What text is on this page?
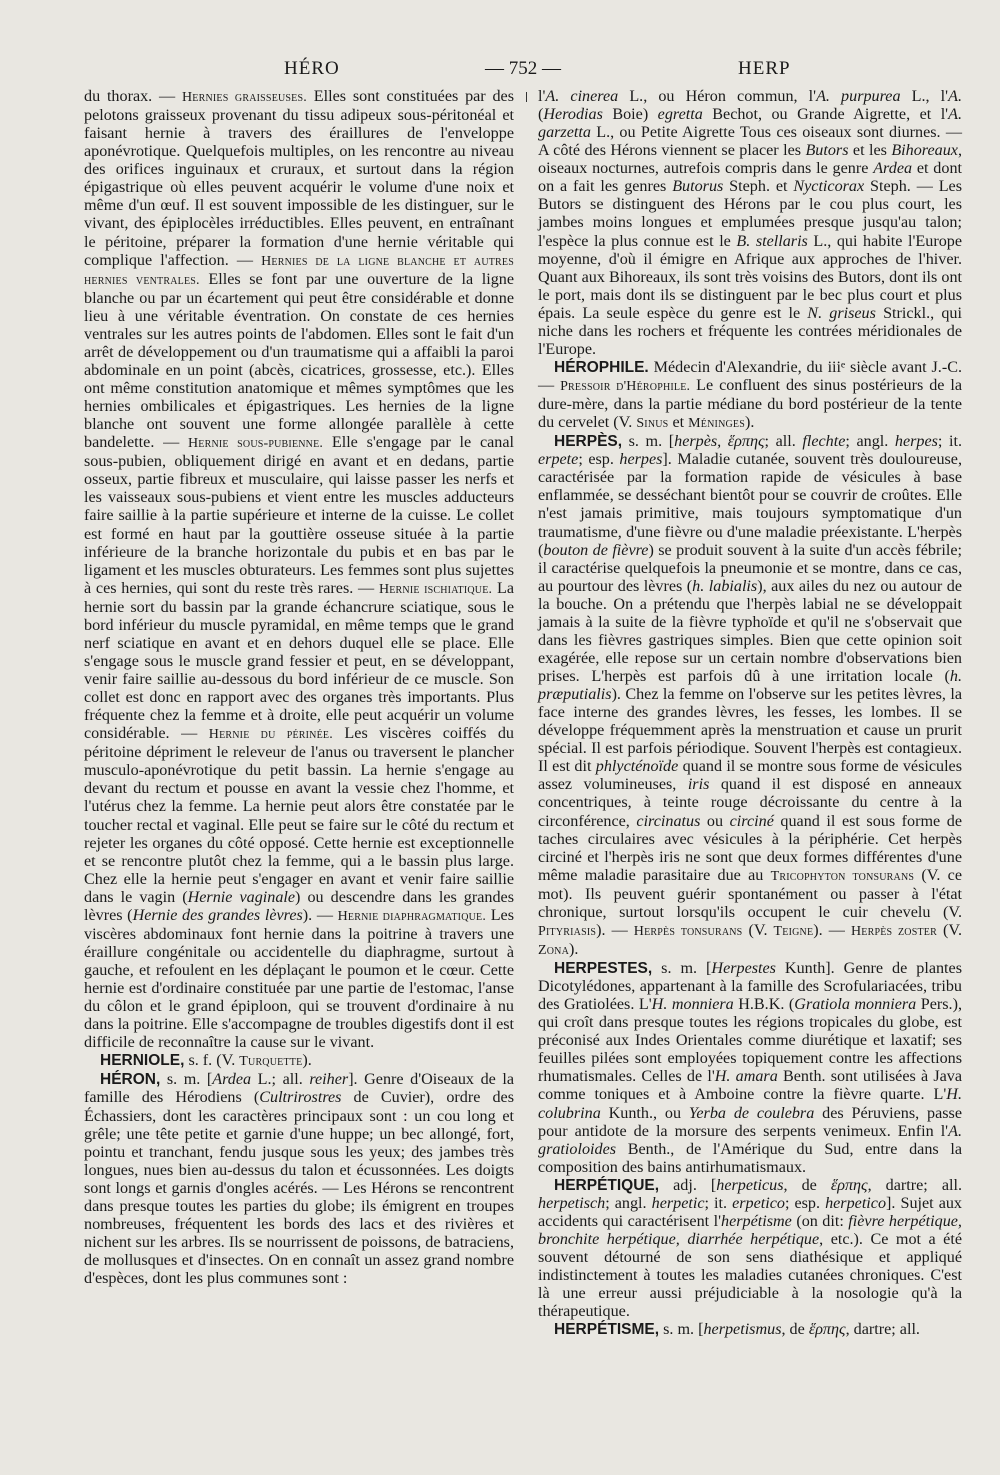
HÉRO	— 752 —	HERP

du thorax. — Hernies graisseuses. Elles sont constituées par des pelotons graisseux provenant du tissu adipeux sous-péritonéal et faisant hernie à travers des éraillures de l'enveloppe aponévrotique. Quelquefois multiples, on les rencontre au niveau des orifices inguinaux et cruraux, et surtout dans la région épigastrique où elles peuvent acquérir le volume d'une noix et même d'un œuf. Il est souvent impossible de les distinguer, sur le vivant, des épiplocèles irréductibles. Elles peuvent, en entraînant le péritoine, préparer la formation d'une hernie véritable qui complique l'affection. — Hernies de la ligne blanche et autres hernies ventrales. Elles se font par une ouverture de la ligne blanche ou par un écartement qui peut être considérable et donne lieu à une véritable éventration. On constate de ces hernies ventrales sur les autres points de l'abdomen. Elles sont le fait d'un arrêt de développement ou d'un traumatisme qui a affaibli la paroi abdominale en un point (abcès, cicatrices, grossesse, etc.). Elles ont même constitution anatomique et mêmes symptômes que les hernies ombilicales et épigastriques. Les hernies de la ligne blanche ont souvent une forme allongée parallèle à cette bandelette. — Hernie sous-pubienne. Elle s'engage par le canal sous-pubien, obliquement dirigé en avant et en dedans, partie osseux, partie fibreux et musculaire, qui laisse passer les nerfs et les vaisseaux sous-pubiens et vient entre les muscles adducteurs faire saillie à la partie supérieure et interne de la cuisse. Le collet est formé en haut par la gouttière osseuse située à la partie inférieure de la branche horizontale du pubis et en bas par le ligament et les muscles obturateurs. Les femmes sont plus sujettes à ces hernies, qui sont du reste très rares. — Hernie ischiatique. La hernie sort du bassin par la grande échancrure sciatique, sous le bord inférieur du muscle pyramidal, en même temps que le grand nerf sciatique en avant et en dehors duquel elle se place. Elle s'engage sous le muscle grand fessier et peut, en se développant, venir faire saillie au-dessous du bord inférieur de ce muscle. Son collet est donc en rapport avec des organes très importants. Plus fréquente chez la femme et à droite, elle peut acquérir un volume considérable. — Hernie du périnée. Les viscères coiffés du péritoine dépriment le releveur de l'anus ou traversent le plancher musculo-aponévrotique du petit bassin. La hernie s'engage au devant du rectum et pousse en avant la vessie chez l'homme, et l'utérus chez la femme. La hernie peut alors être constatée par le toucher rectal et vaginal. Elle peut se faire sur le côté du rectum et rejeter les organes du côté opposé. Cette hernie est exceptionnelle et se rencontre plutôt chez la femme, qui a le bassin plus large. Chez elle la hernie peut s'engager en avant et venir faire saillie dans le vagin (Hernie vaginale) ou descendre dans les grandes lèvres (Hernie des grandes lèvres). — Hernie diaphragmatique. Les viscères abdominaux font hernie dans la poitrine à travers une éraillure congénitale ou accidentelle du diaphragme, surtout à gauche, et refoulent en les déplaçant le poumon et le cœur. Cette hernie est d'ordinaire constituée par une partie de l'estomac, l'anse du côlon et le grand épiploon, qui se trouvent d'ordinaire à nu dans la poitrine. Elle s'accompagne de troubles digestifs dont il est difficile de reconnaître la cause sur le vivant.

HERNIOLE, s. f. (V. Turquette).

HÉRON, s. m. [Ardea L.; all. reiher]. Genre d'Oiseaux de la famille des Hérodiens (Cultrirostres de Cuvier), ordre des Échassiers, dont les caractères principaux sont : un cou long et grêle; une tête petite et garnie d'une huppe; un bec allongé, fort, pointu et tranchant, fendu jusque sous les yeux; des jambes très longues, nues bien au-dessus du talon et écussonnées. Les doigts sont longs et garnis d'ongles acérés. — Les Hérons se rencontrent dans presque toutes les parties du globe; ils émigrent en troupes nombreuses, fréquentent les bords des lacs et des rivières et nichent sur les arbres. Ils se nourrissent de poissons, de batraciens, de mollusques et d'insectes. On en connaît un assez grand nombre d'espèces, dont les plus communes sont :

l'A. cinerea L., ou Héron commun, l'A. purpurea L., l'A. (Herodias Boie) egretta Bechot, ou Grande Aigrette, et l'A. garzetta L., ou Petite Aigrette Tous ces oiseaux sont diurnes. — A côté des Hérons viennent se placer les Butors et les Bihoreaux, oiseaux nocturnes, autrefois compris dans le genre Ardea et dont on a fait les genres Butorus Steph. et Nycticorax Steph. — Les Butors se distinguent des Hérons par le cou plus court, les jambes moins longues et emplumées presque jusqu'au talon; l'espèce la plus connue est le B. stellaris L., qui habite l'Europe moyenne, d'où il émigre en Afrique aux approches de l'hiver. Quant aux Bihoreaux, ils sont très voisins des Butors, dont ils ont le port, mais dont ils se distinguent par le bec plus court et plus épais. La seule espèce du genre est le N. griseus Strickl., qui niche dans les rochers et fréquente les contrées méridionales de l'Europe.

HÉROPHILE. Médecin d'Alexandrie, du iiiᵉ siècle avant J.-C. — Pressoir d'Hérophile. Le confluent des sinus postérieurs de la dure-mère, dans la partie médiane du bord postérieur de la tente du cervelet (V. Sinus et Méninges).

HERPÈS, s. m. [herpès, ἕρπης; all. flechte; angl. herpes; it. erpete; esp. herpes]. Maladie cutanée, souvent très douloureuse, caractérisée par la formation rapide de vésicules à base enflammée, se desséchant bientôt pour se couvrir de croûtes. Elle n'est jamais primitive, mais toujours symptomatique d'un traumatisme, d'une fièvre ou d'une maladie préexistante. L'herpès (bouton de fièvre) se produit souvent à la suite d'un accès fébrile; il caractérise quelquefois la pneumonie et se montre, dans ce cas, au pourtour des lèvres (h. labialis), aux ailes du nez ou autour de la bouche. On a prétendu que l'herpès labial ne se développait jamais à la suite de la fièvre typhoïde et qu'il ne s'observait que dans les fièvres gastriques simples. Bien que cette opinion soit exagérée, elle repose sur un certain nombre d'observations bien prises. L'herpès est parfois dû à une irritation locale (h. præputialis). Chez la femme on l'observe sur les petites lèvres, la face interne des grandes lèvres, les fesses, les lombes. Il se développe fréquemment après la menstruation et cause un prurit spécial. Il est parfois périodique. Souvent l'herpès est contagieux. Il est dit phlycténoïde quand il se montre sous forme de vésicules assez volumineuses, iris quand il est disposé en anneaux concentriques, à teinte rouge décroissante du centre à la circonférence, circinatus ou circiné quand il est sous forme de taches circulaires avec vésicules à la périphérie. Cet herpès circiné et l'herpès iris ne sont que deux formes différentes d'une même maladie parasitaire due au Tricophyton tonsurans (V. ce mot). Ils peuvent guérir spontanément ou passer à l'état chronique, surtout lorsqu'ils occupent le cuir chevelu (V. Pityriasis). — Herpès tonsurans (V. Teigne). — Herpès zoster (V. Zona).

HERPESTES, s. m. [Herpestes Kunth]. Genre de plantes Dicotylédones, appartenant à la famille des Scrofulariacées, tribu des Gratiolées. L'H. monniera H.B.K. (Gratiola monniera Pers.), qui croît dans presque toutes les régions tropicales du globe, est préconisé aux Indes Orientales comme diurétique et laxatif; ses feuilles pilées sont employées topiquement contre les affections rhumatismales. Celles de l'H. amara Benth. sont utilisées à Java comme toniques et à Amboine contre la fièvre quarte. L'H. colubrina Kunth., ou Yerba de coulebra des Péruviens, passe pour antidote de la morsure des serpents venimeux. Enfin l'A. gratioloides Benth., de l'Amérique du Sud, entre dans la composition des bains antirhumatismaux.

HERPÉTIQUE, adj. [herpeticus, de ἕρπης, dartre; all. herpetisch; angl. herpetic; it. erpetico; esp. herpetico]. Sujet aux accidents qui caractérisent l'herpétisme (on dit: fièvre herpétique, bronchite herpétique, diarrhée herpétique, etc.). Ce mot a été souvent détourné de son sens diathésique et appliqué indistinctement à toutes les maladies cutanées chroniques. C'est là une erreur aussi préjudiciable à la nosologie qu'à la thérapeutique.

HERPÉTISME, s. m. [herpetismus, de ἕρπης, dartre; all.
